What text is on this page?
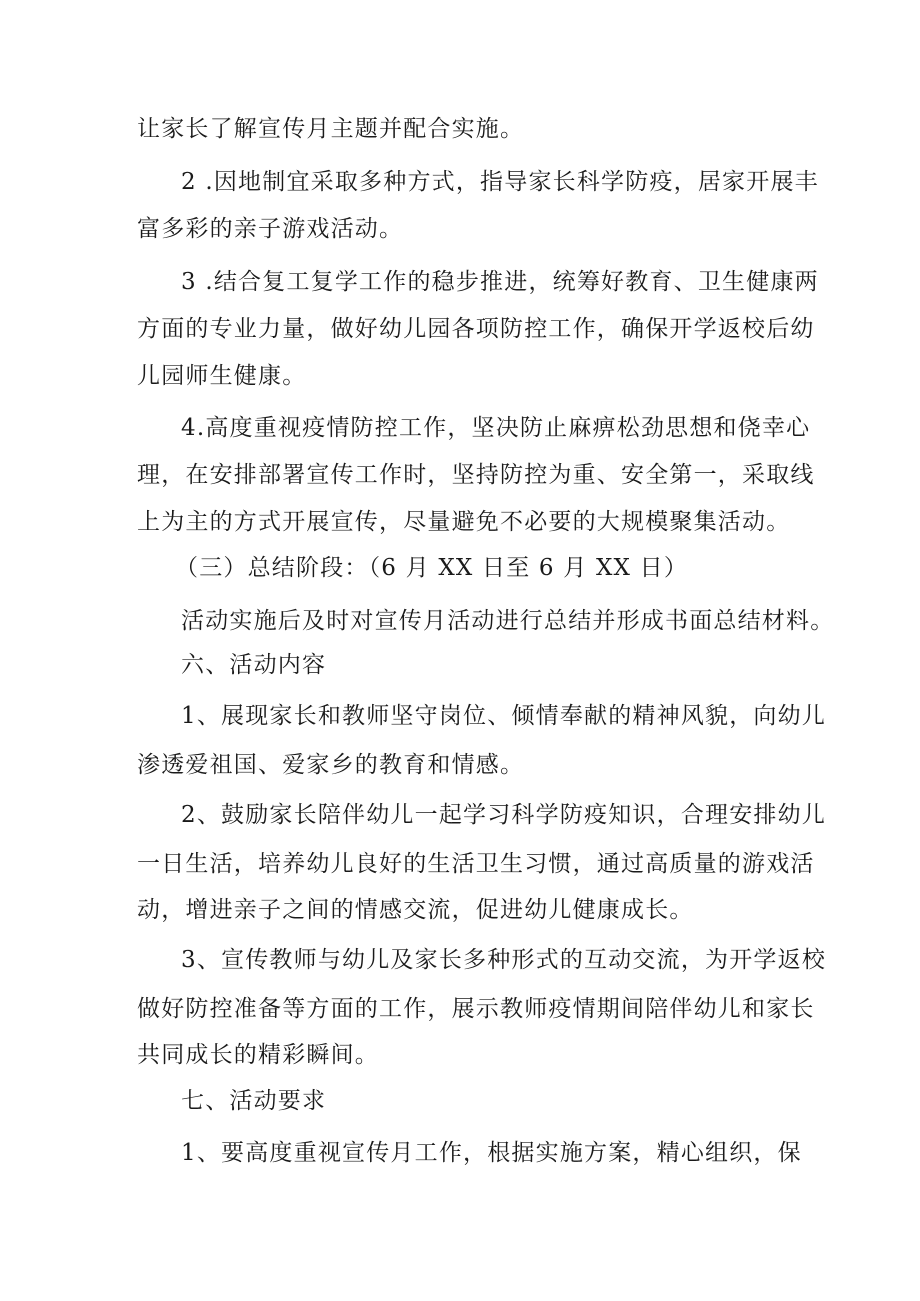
让家长了解宣传月主题并配合实施。

2 .因地制宜采取多种方式，指导家长科学防疫，居家开展丰

富多彩的亲子游戏活动。

3 .结合复工复学工作的稳步推进，统筹好教育、卫生健康两

方面的专业力量，做好幼儿园各项防控工作，确保开学返校后幼

儿园师生健康。

4.高度重视疫情防控工作，坚决防止麻痹松劲思想和侥幸心

理，在安排部署宣传工作时，坚持防控为重、安全第一，采取线

上为主的方式开展宣传，尽量避免不必要的大规模聚集活动。

（三）总结阶段：（6 月 XX 日至 6 月 XX 日）

活动实施后及时对宣传月活动进行总结并形成书面总结材料。

六、活动内容

1、展现家长和教师坚守岗位、倾情奉献的精神风貌，向幼儿

渗透爱祖国、爱家乡的教育和情感。

2、鼓励家长陪伴幼儿一起学习科学防疫知识，合理安排幼儿

一日生活，培养幼儿良好的生活卫生习惯，通过高质量的游戏活

动，增进亲子之间的情感交流，促进幼儿健康成长。

3、宣传教师与幼儿及家长多种形式的互动交流，为开学返校

做好防控准备等方面的工作，展示教师疫情期间陪伴幼儿和家长

共同成长的精彩瞬间。

七、活动要求

1、要高度重视宣传月工作，根据实施方案，精心组织，保
